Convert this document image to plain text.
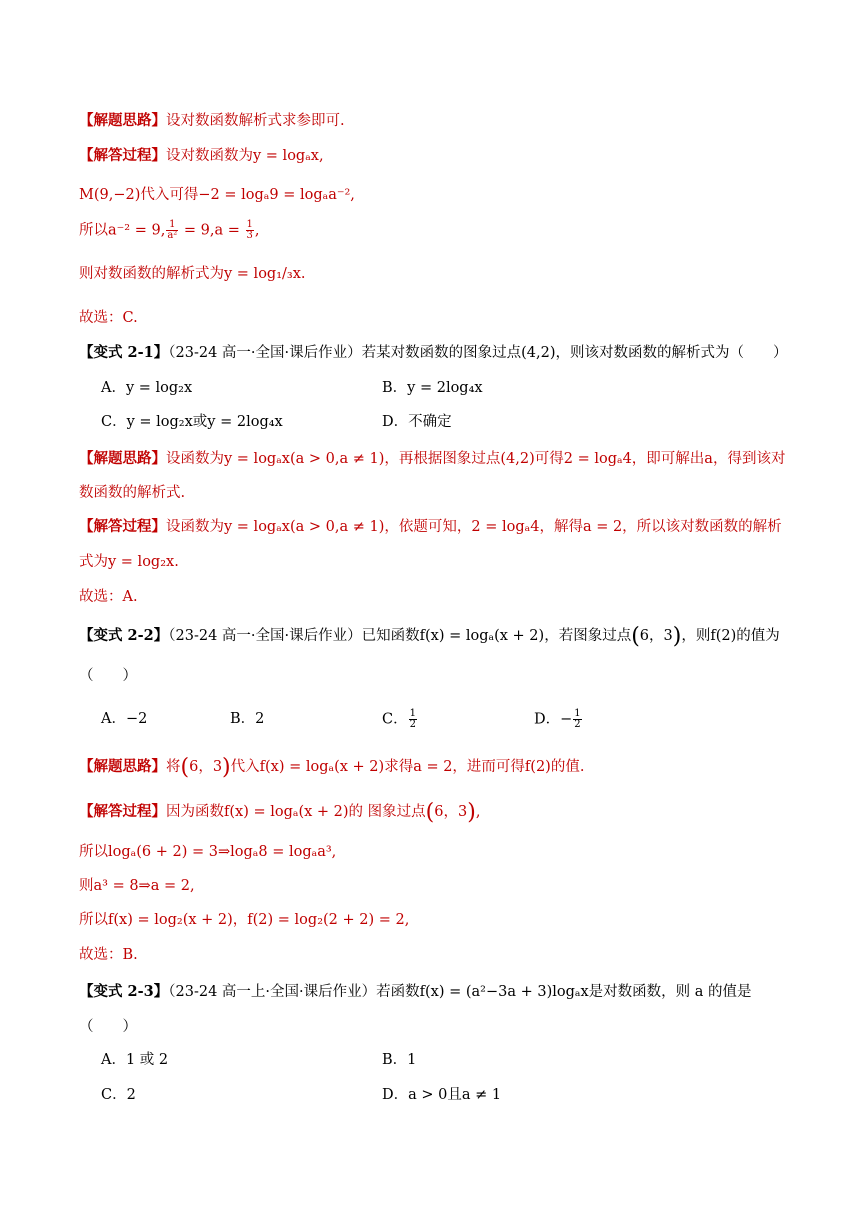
【解题思路】设对数函数解析式求参即可.
【解答过程】设对数函数为y = logₐx,
M(9,−2)代入可得−2 = logₐ9 = logₐa⁻²,
所以a⁻² = 9, $\frac{1}{\text{a²}} = 9,a = \frac{1}{3}$ ,
则对数函数的解析式为y = log₁/₃x.
故选：C.
【变式 2-1】（23-24 高一·全国·课后作业）若某对数函数的图象过点(4,2)，则该对数函数的解析式为（　　）
A．y = log₂x	B．y = 2log₄x
C．y = log₂x或y = 2log₄x	D．不确定
【解题思路】设函数为y = logₐx(a > 0,a ≠ 1)，再根据图象过点(4,2)可得2 = logₐ4，即可解出a，得到该对
数函数的解析式.
【解答过程】设函数为y = logₐx(a > 0,a ≠ 1)，依题可知，2 = logₐ4，解得a = 2，所以该对数函数的解析
式为y = log₂x.
故选：A.
【变式 2-2】（23-24 高一·全国·课后作业）已知函数f(x) = logₐ(x + 2)，若图象过点(6，3)，则f(2)的值为
（　　）
A．−2	B．2	C． $\frac{1}{2}$	D．− $\frac{1}{2}$
【解题思路】将(6，3)代入f(x) = logₐ(x + 2)求得a = 2，进而可得f(2)的值.
【解答过程】因为函数f(x) = logₐ(x + 2)的 图象过点(6，3),
所以logₐ(6 + 2) = 3⇒logₐ8 = logₐa³,
则a³ = 8⇒a = 2,
所以f(x) = log₂(x + 2)，f(2) = log₂(2 + 2) = 2,
故选：B.
【变式 2-3】（23-24 高一上·全国·课后作业）若函数f(x) = (a²−3a + 3)logₐx是对数函数，则 a 的值是
（　　）
A．1 或 2	B．1
C．2	D．a > 0且a ≠ 1
